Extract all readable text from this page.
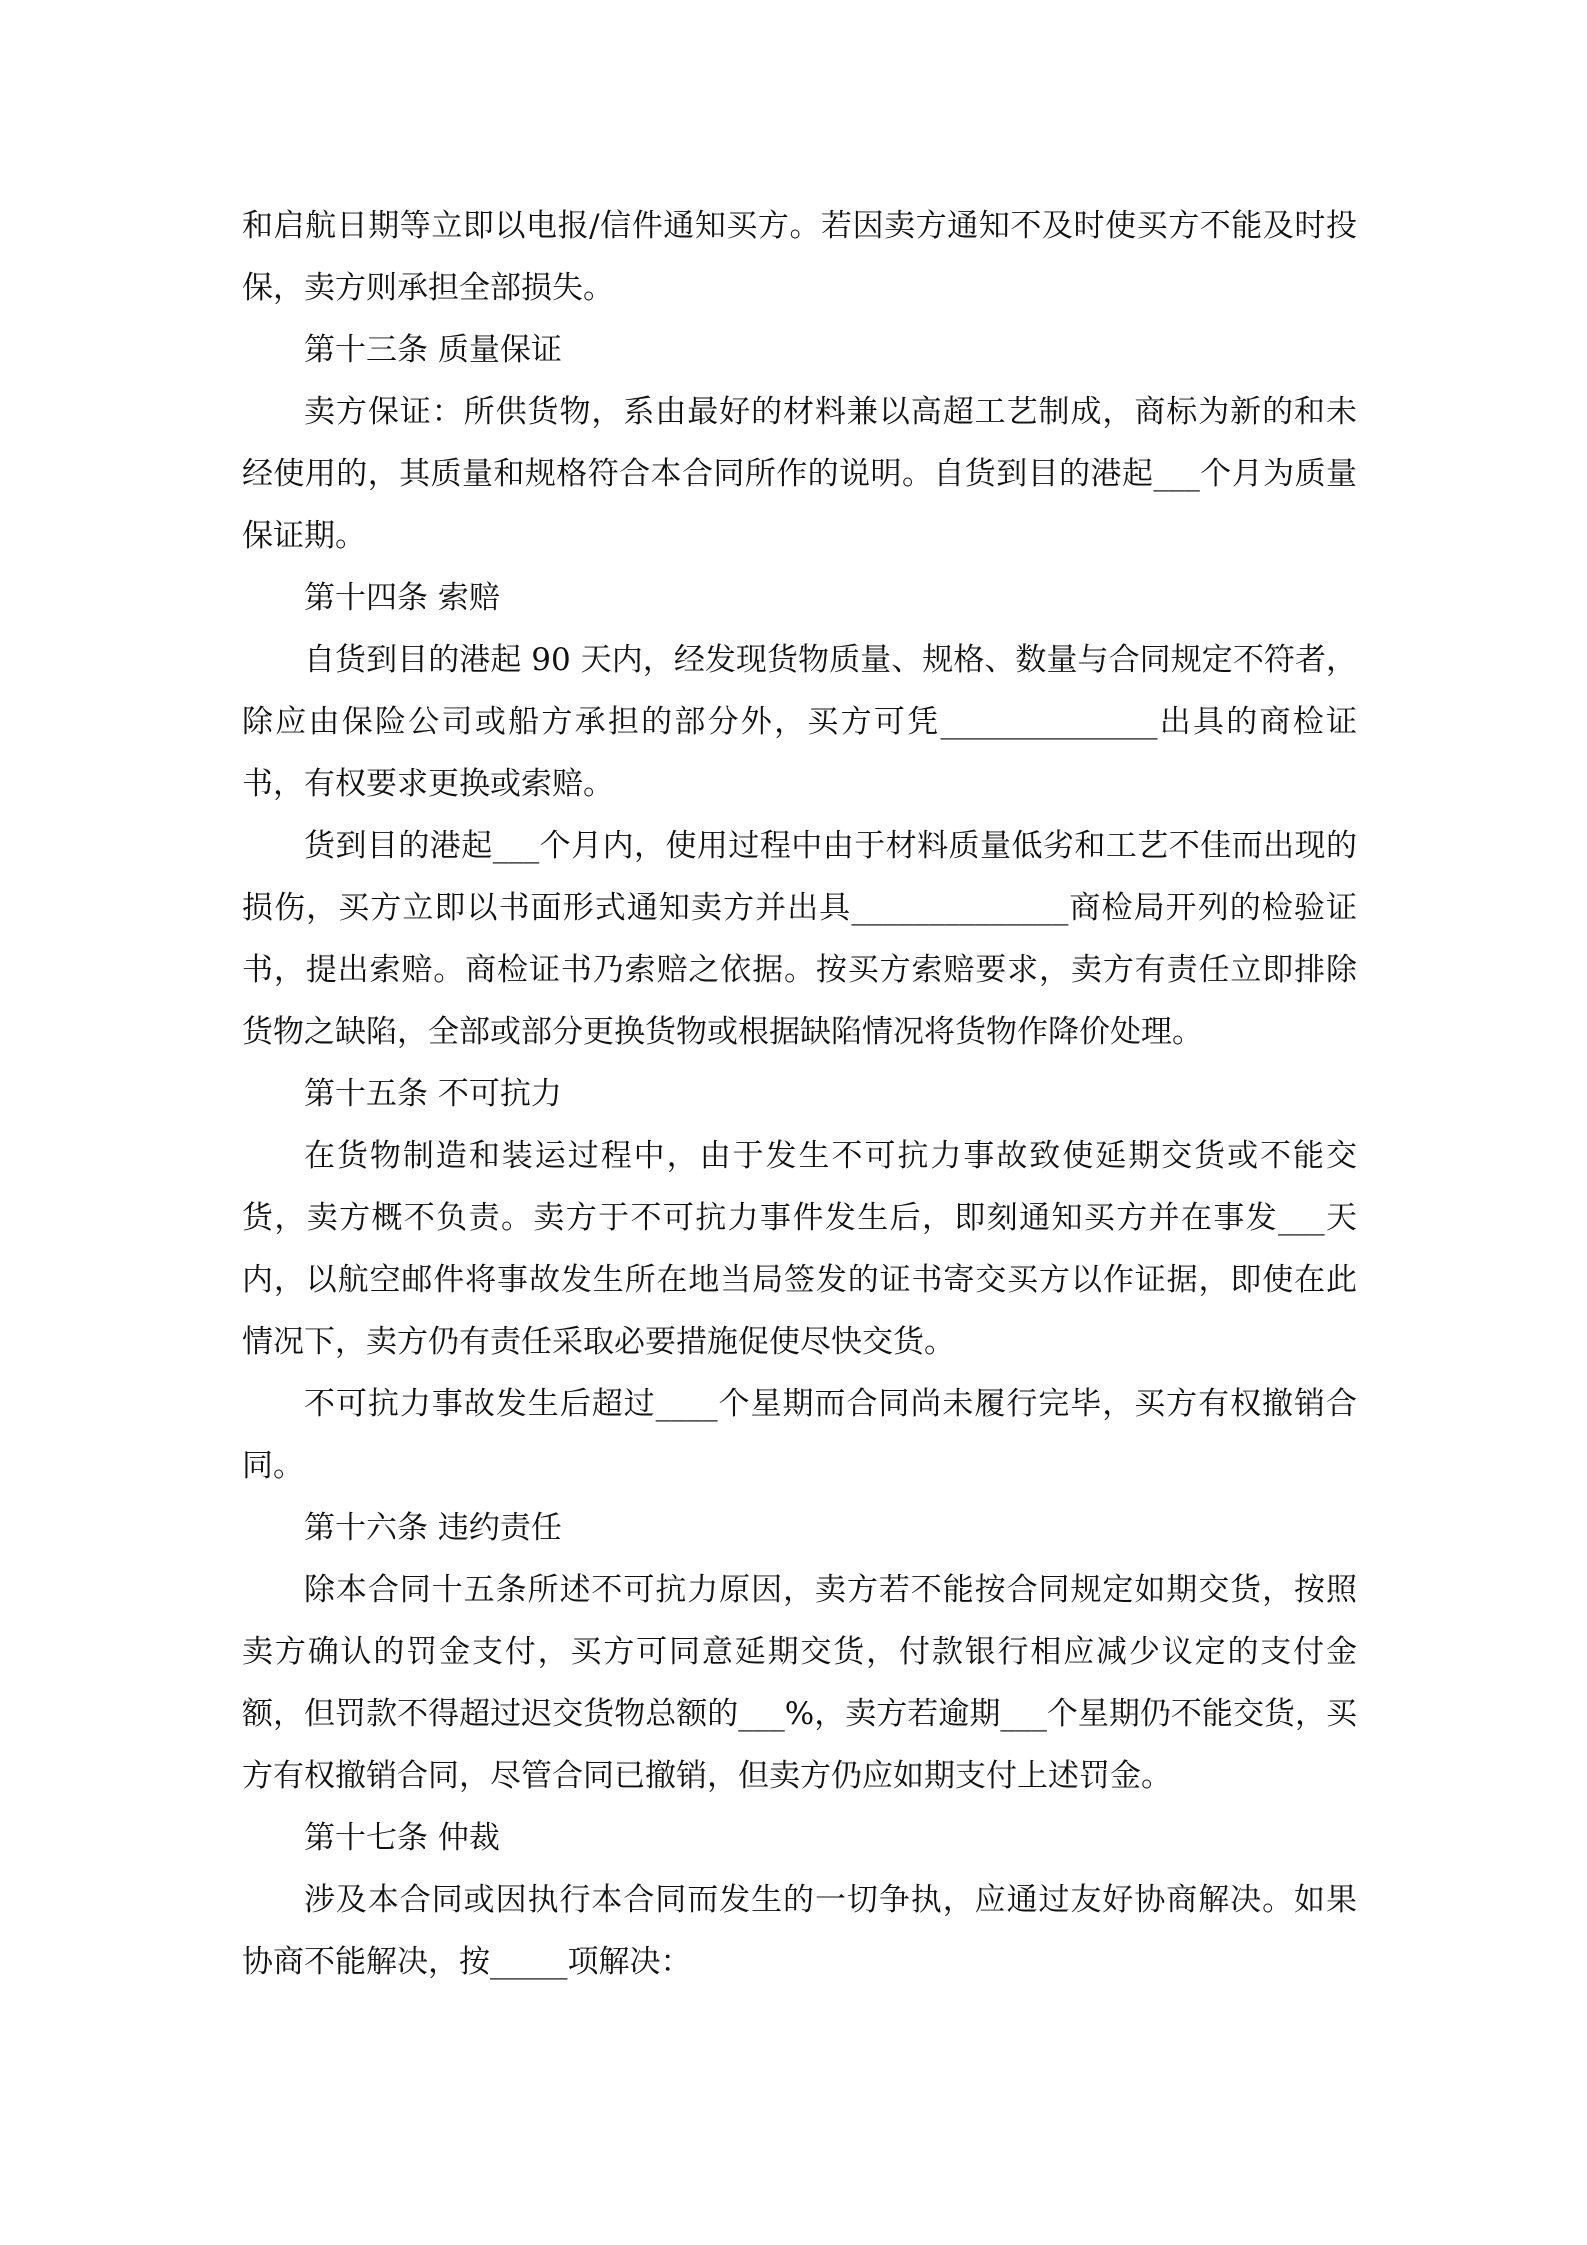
和启航日期等立即以电报/信件通知买方。若因卖方通知不及时使买方不能及时投保，卖方则承担全部损失。

第十三条 质量保证

卖方保证：所供货物，系由最好的材料兼以高超工艺制成，商标为新的和未经使用的，其质量和规格符合本合同所作的说明。自货到目的港起___个月为质量保证期。

第十四条 索赔

自货到目的港起 90 天内，经发现货物质量、规格、数量与合同规定不符者，除应由保险公司或船方承担的部分外，买方可凭______________出具的商检证书，有权要求更换或索赔。

货到目的港起___个月内，使用过程中由于材料质量低劣和工艺不佳而出现的损伤，买方立即以书面形式通知卖方并出具______________商检局开列的检验证书，提出索赔。商检证书乃索赔之依据。按买方索赔要求，卖方有责任立即排除货物之缺陷，全部或部分更换货物或根据缺陷情况将货物作降价处理。

第十五条 不可抗力

在货物制造和装运过程中，由于发生不可抗力事故致使延期交货或不能交货，卖方概不负责。卖方于不可抗力事件发生后，即刻通知买方并在事发___天内，以航空邮件将事故发生所在地当局签发的证书寄交买方以作证据，即使在此情况下，卖方仍有责任采取必要措施促使尽快交货。

不可抗力事故发生后超过____个星期而合同尚未履行完毕，买方有权撤销合同。

第十六条 违约责任

除本合同十五条所述不可抗力原因，卖方若不能按合同规定如期交货，按照卖方确认的罚金支付，买方可同意延期交货，付款银行相应减少议定的支付金额，但罚款不得超过迟交货物总额的___%，卖方若逾期___个星期仍不能交货，买方有权撤销合同，尽管合同已撤销，但卖方仍应如期支付上述罚金。

第十七条 仲裁

涉及本合同或因执行本合同而发生的一切争执，应通过友好协商解决。如果协商不能解决，按_____项解决：
